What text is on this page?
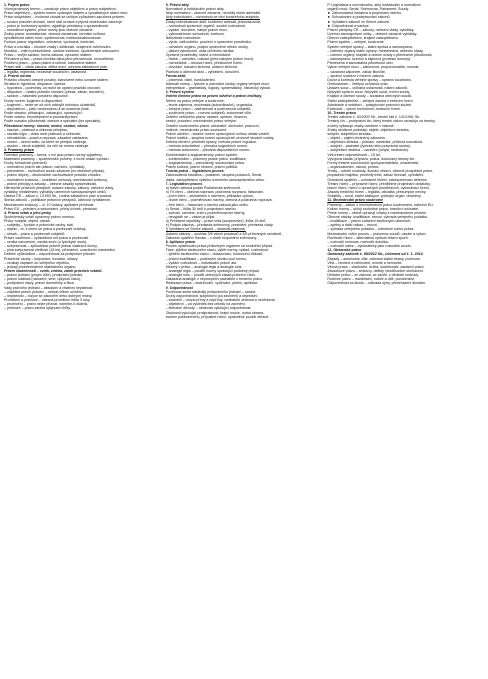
1. Pojem právo

Vícevýznamový termín – označuje právo objektivní a právo subjektivní.

Právo objektivní – systém norem vydaných státem a vynutitelných státní mocí.

Právo subjektivní – možnost chovat se určitým způsobem zaručená právem.

– soubor pravidel chování, které stát uznává a jejichž dodržování zaručuje.

– právo je hodnotový systém, vyjadřuje představy o spravedlnosti.

– normativní systém, jehož normy jsou obecně závazné.

Znaky práva: normativnost, obecná závaznost, formální určitost,

vynutitelnost státní mocí, systémovost, institucionalizovanost.

Funkce práva: regulativní, ochranná, výchovná, kontrolní.

Právo a morálka – shodné znaky i odlišnosti, vzájemné ovlivňování.

Morálka – vnitřní přesvědčení, sankce svědomí, společenské odsouzení.

Právo – vnější sankce, forma zákona, vynucení státem.

Přirozené právo – práva člověka dána jeho přirozeností, nezcizitelná.

Pozitivní právo – právo platné a účinné, stanovené státem.

Právní stát – vláda zákona, dělba moci, ochrana základních práv.

– legalita, legitimita, nezávislé soudnictví, ústavnost.

2. Právní norma

Pravidlo chování obecné povahy, stanovené nebo uznané státem.

Struktura: hypotéza, dispozice, sankce.

– hypotéza – podmínky, za nichž se uplatní pravidlo chování,

– dispozice – vlastní pravidlo chování (příkaz, zákaz, dovolení),

– sankce – následek porušení dispozice.

Druhy norem: kogentní a dispozitivní.

– kogentní – nelze se od nich odchýlit dohodou účastníků,

– dispozitivní – platí, nedohodnou-li se účastníci jinak.

Podle obsahu: přikazující, zakazující, opravňující.

Podle vztahu: hmotněprávní a procesněprávní.

Podle rozsahu působnosti: obecné a speciální (lex specialis).

Působnost normy: časová, místní, osobní, věcná.

– časová – platnost a účinnost předpisu,

– vacatio legis – doba mezi platností a účinností,

– retroaktivita – pravá a nepravá, zásadně zakázána,

– místní – území státu, na které se předpis vztahuje,

– osobní – okruh subjektů, na něž se norma vztahuje.

3. Prameny práva

Formální prameny – forma, v níž jsou právní normy vyjádřeny.

Materiální prameny – společenské poměry, z nichž obsah vychází.

Druhy formálních pramenů:

– normativní právní akt (zákon, nařízení, vyhláška),

– precedens – rozhodnutí soudu závazné pro obdobné případy,

– právní obyčej – dlouhodobě zachovávané pravidlo chování,

– normativní smlouva – kolektivní smlouvy, mezinárodní smlouvy,

– právní principy a zásady – obecné zásady spravedlnosti.

Hierarchie právních předpisů: ústavní zákony, zákony, nařízení vlády,

vyhlášky ministerstev, vyhlášky územních samosprávných celků.

Ústava ČR – zákon č. 1/1993 Sb., Listina základních práv a svobod.

Sbírka zákonů – publikace právních předpisů, účinnost vyhlášením.

Mezinárodní smlouvy – čl. 10 Ústavy, aplikační přednost.

Právo EU – primární a sekundární, přímý účinek, přednost.

4. Právní vztah a jeho prvky

Společenský vztah upravený právní normou.

Prvky: subjekt, objekt, obsah.

– subjekty – fyzické a právnické osoby, stát,

– objekt – to, k čemu se práva a povinnosti vztahují,

– obsah – práva a povinnosti subjektů.

Právní osobnost – způsobilost mít práva a povinnosti.

– vzniká narozením, zaniká smrtí (u fyzických osob),

– svéprávnost – způsobilost právně jednat vlastními úkony,

– plná svéprávnost zletilostí (18 let), přiznáním, uzavřením manželství.

Deliktní způsobilost – odpovědnost za protiprávní jednání.

Právnické osoby – korporace, fundace, ústavy.

– vznikají zápisem do veřejného rejstříku,

– jednají prostřednictvím statutárního orgánu.

Právní skutečnosti – vznik, změna, zánik právních vztahů.

– právní jednání (projev vůle), protiprávní jednání,

– právní události (narození, smrt, uplynutí času),

– protiprávní stavy, právní domněnky a fikce.

Vady právního jednání – absolutní a relativní neplatnost.

– zdánlivé právní jednání – nebylo vůbec učiněno,

– neplatnost – rozpor se zákonem nebo dobrými mravy.

Promlčení a prekluze – obecná promlčecí lhůta 3 roky.

– promlčení – právo nelze přiznat, namítne-li dlužník,

– prekluze – právo zaniká uplynutím lhůty.

5. Právní akty

Normativní a individuální právní akty.

Akty normativní – obecně závazné, neurčitý okruh adresátů.

Akty individuální – rozhodnutí ve věci konkrétního subjektu.

Znaky individuálních aktů: konkrétní adresát, jednorázovost.

– rozhodnutí správních orgánů, soudní rozhodnutí,

– vydání, doručení, nabytí právní moci,

– vykonatelnost rozhodnutí, exekuce.

Náležitosti rozhodnutí:

– výrok, odůvodnění, poučení o opravném prostředku,

– označení orgánu, podpis oprávněné úřední osoby,

– datum vyhotovení, otisk úředního razítka.

Opravné prostředky: řádné a mimořádné.

– řádné – odvolání, rozklad (před nabytím právní moci),

– mimořádné – obnova řízení, přezkumné řízení,

– dovolání, kasační stížnost, ústavní stížnost.

Platnost a účinnost aktu – vyhlášení, doručení.

Forma aktů:

– písemná, ústní, konkludentní.

Adresáti normy – fyzické a právnické osoby, orgány veřejné moci.

Interpretace – gramatický, logický, systematický, historický výklad.

6. Právní systém

Vnitřní členění práva na právní odvětví a právní instituty.

Dělení na právo veřejné a soukromé:

– teorie zájmová, mocenská (subordinační), organická,

– veřejné právo – nadřízenost a podřízenost subjektů,

– soukromé právo – rovnost subjektů, autonomie vůle.

Odvětví veřejného práva: ústavní, správní, finanční,

trestní, procesní, mezinárodní právo veřejné.

Odvětví soukromého práva: občanské, obchodní, pracovní,

rodinné, mezinárodní právo soukromé.

Právní odvětví – soubor norem upravujících určitou oblast vztahů.

Právní institut – skupina norem upravujících druhově shodné vztahy.

Kritéria členění: předmět úpravy, metoda právní regulace.

– metoda autoritativní – převaha kogentních norem,

– metoda autonomní – převaha dispozitivních norem.

Kontinentální a angloamerický právní systém.

– kontinentální – prameny psané právo, kodifikace,

– angloamerický – precedenty, soudcovské právo.

Právní kultura, právní vědomí, právní politika.

Tvorba práva – legislativní proces.

Zákonodárná iniciativa – poslanec, skupina poslanců, Senát,

vláda, zastupitelstvo vyššího územního samosprávného celku.

7. Legislativní proces

a) Návrh zákona podán Poslanecké sněmovně.

b) Tři čtení – obecná rozprava, podrobná rozprava, hlasování.

– první čtení – seznámení s návrhem, přikázání výboru,

– druhé čtení – pozměňovací návrhy, obecná a podrobná rozprava,

– třetí čtení – hlasování o návrhu zákona jako celku.

c) Senát – lhůta 30 dnů k projednání návrhu.

– schválí, zamítne, vrátí s pozměňovacími návrhy,

– nevyjádří se – zákon je přijat.

d) Prezident republiky – právo veta (suspenzivní), lhůta 15 dnů.

e) Podpis zákona – předseda sněmovny, prezident, předseda vlády.

f) Vyhlášení ve Sbírce zákonů – okamžik platnosti.

Ústavní zákony – souhlas 3/5 všech poslanců a 3/5 přítomných senátorů.

Zákonné opatření Senátu – v době rozpuštění sněmovny.

8. Aplikace práva

Proces uplatňování práva příslušným orgánem na konkrétní případ.

Fáze: zjištění skutkového stavu, výběr normy, výklad, rozhodnutí.

– zjištění skutkového stavu – dokazování, hodnocení důkazů,

– právní kvalifikace – podřazení skutku pod normu,

– vydání rozhodnutí – individuální právní akt.

Mezery v právu – analogie legis a analogie iuris.

– analogie legis – použití normy upravující podobný případ,

– analogie iuris – použití obecných zásad právního řádu.

Zakázána analogie v neprospěch pachatele v trestním právu.

Realizace práva – dodržování, využívání, plnění, aplikace.

9. Odpovědnost

Povinnost snést následky protiprávního jednání – sankci.

Druhy odpovědnosti: subjektivní (za zavinění) a objektivní.

– zavinění – úmysl přímý a nepřímý, nedbalost vědomá a nevědomá,

– objektivní – za výsledek bez ohledu na zavinění,

– liberační důvody – okolnosti vylučující odpovědnost.

Okolnosti vylučující protiprávnost: krajní nouze, nutná obrana,

svolení poškozeného, přípustné riziko, oprávněné použití zbraně.

P. Legislativa a normotvorba, akty individuální a normativní

orgánů moci: Senát, Sněmovna, Parlament, Soudy.

► Zákonodárná iniciativa a projednání návrhu.

► Schvalování a podepisování zákonů.

► Vyhlášení zákonů ve Sbírce zákonů.

► Odpovědnost a sankce.

Právní předpisy ČR – zákony, nařízení vlády, vyhlášky.

Územní samosprávné celky – obecně závazné vyhlášky.

Obecní zastupitelstvo, krajské zastupitelstvo.

Právní systém – veřejné, soukromé.

Systém veřejné správy – státní správa a samospráva.

– ústřední orgány státní správy: ministerstva, ústřední úřady,

– územní orgány: krajské a obecní úřady v přenesené působnosti,

– samospráva: územní a zájmová (profesní komory).

Přenesená a samostatná působnost obcí.

Výkon veřejné moci – zákonnost, proporcionalita, rovnost.

– vázanost zákonem, zákaz libovůle,

– správní uvážení v mezích zákona.

Dozor a kontrola veřejné správy – správní soudnictví.

Ombudsman – Veřejný ochránce práv.

Ústavní soud – ochrana ústavnosti, rušení zákonů.

Nejvyšší správní soud, Nejvyšší soud, vrchní soudy.

Krajské a okresní soudy – soustava obecných soudů.

Státní zastupitelství – veřejná žaloba v trestním řízení.

Advokacie a notářství – poskytování právních služeb.

Exekutoři – výkon rozhodnutí, exekuční řízení.

10. Trestní právo

Trestní zákoník č. 40/2009 Sb., trestní řád č. 141/1961 Sb.

Trestný čin – protiprávní čin, který trestní zákon označuje za trestný,

a který vykazuje znaky uvedené v zákoně.

Znaky skutkové podstaty: objekt, objektivní stránka,

subjekt, subjektivní stránka.

– objekt – zájem chráněný zákonem,

– objektivní stránka – jednání, následek, příčinná souvislost,

– subjekt – pachatel (fyzická nebo právnická osoba),

– subjektivní stránka – zavinění (úmysl, nedbalost).

Věk trestní odpovědnosti – 15 let.

Vývojová stadia: příprava, pokus, dokonaný trestný čin.

Formy trestné součinnosti: spolupachatelství, účastenství,

– organizátorství, návod, pomoc.

Tresty – odnětí svobody, domácí vězení, obecně prospěšné práce,

propadnutí majetku, peněžitý trest, zákaz činnosti, vyhoštění.

Ochranná opatření – ochranné léčení, zabezpečovací detence.

Trestní řízení – přípravné řízení, předběžné projednání obžaloby,

hlavní líčení, řízení o opravných prostředcích, vykonávací řízení.

Zásady trestního řízení – legalita, oficialita, presumpce neviny.

Subjekty – soud, státní zástupce, policejní orgán, obviněný.

11. Mezinárodní právo soukromé

Prameny – zákon o mezinárodním právu soukromém, nařízení EU.

Kolizní normy – určují rozhodné právo, hraniční určovatel.

Přímé normy – věcně upravují vztahy s mezinárodním prvkem.

Obecné otázky: kvalifikace, renvoi, výhrada veřejného pořádku.

– kvalifikace – právní zařazení skutkových okolností,

– zpětný a další odkaz – renvoi,

– výhrada veřejného pořádku – odmítnutí cizího práva.

Mezinárodní civilní proces – pravomoc soudů, uznání a výkon.

Rozhodčí řízení – alternativní způsob řešení sporů.

– rozhodčí smlouva, rozhodčí doložka,

– rozhodčí nález – vykonatelný jako rozsudek soudu.

12. Občanské právo

Občanský zákoník č. 89/2012 Sb., účinnost od 1. 1. 2014.

Zásady – autonomie vůle, ochrana slabší strany, poctivost.

Věci – hmotné a nehmotné, movité a nemovité.

Věcná práva – vlastnictví, držba, služebnosti, zástavní právo.

Závazkové právo – smlouvy, delikty, bezdůvodné obohacení.

Dědické právo – ze zákona, ze závěti, z dědické smlouvy.

Rodinné právo – manželství, rodiče a dítě, poručenství.

Odpovědnost za škodu – náhrada újmy, předcházení škodám.
